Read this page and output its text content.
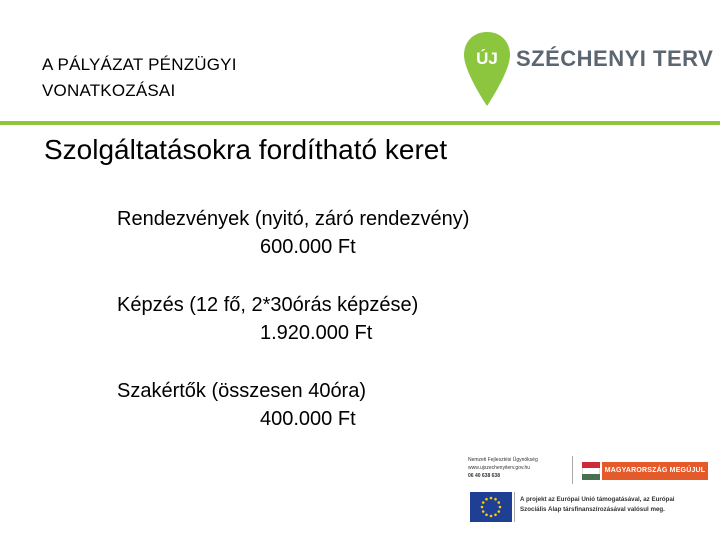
A PÁLYÁZAT PÉNZÜGYI
VONATKOZÁSAI
ÚJ SZÉCHENYI TERV
Szolgáltatásokra fordítható keret
Rendezvények (nyitó, záró rendezvény)
600.000 Ft
Képzés (12 fő, 2*30órás képzése)
1.920.000 Ft
Szakértők (összesen 40óra)
400.000 Ft
Nemzeti Fejlesztési Ügynökség
www.ujszechenyiterv.gov.hu
06 40 638 638
MAGYARORSZÁG MEGÚJUL
A projekt az Európai Unió támogatásával, az Európai
Szociális Alap társfinanszírozásával valósul meg.
